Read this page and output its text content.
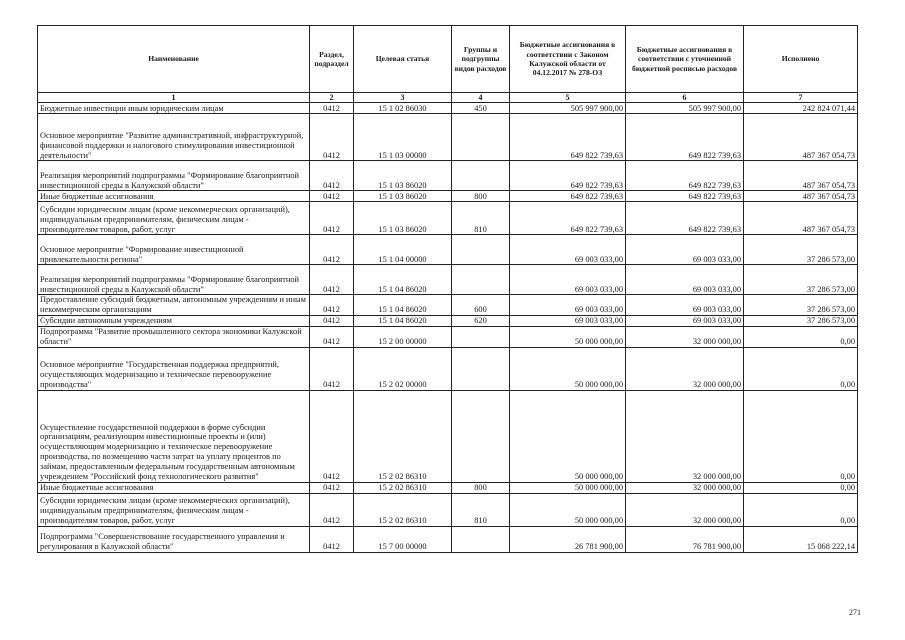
Наименование	Раздел, подраздел	Целевая статья	Группы и подгруппы видов расходов	Бюджетные ассигнования в соответствии с Законом Калужской области от 04.12.2017 № 278-ОЗ	Бюджетные ассигнования в соответствии с уточненной бюджетной росписью расходов	Исполнено
1	2	3	4	5	6	7
Бюджетные инвестиции иным юридическим лицам	0412	15 1 02 86030	450	505 997 900,00	505 997 900,00	242 824 071,44
Основное мероприятие "Развитие административной, инфраструктурной, финансовой поддержки и налогового стимулирования инвестиционной деятельности"	0412	15 1 03 00000		649 822 739,63	649 822 739,63	487 367 054,73
Реализация мероприятий подпрограммы "Формирование благоприятной инвестиционной среды в Калужской области"	0412	15 1 03 86020		649 822 739,63	649 822 739,63	487 367 054,73
Иные бюджетные ассигнования	0412	15 1 03 86020	800	649 822 739,63	649 822 739,63	487 367 054,73
Субсидии юридическим лицам (кроме некоммерческих организаций), индивидуальным предпринимателям, физическим лицам - производителям товаров, работ, услуг	0412	15 1 03 86020	810	649 822 739,63	649 822 739,63	487 367 054,73
Основное мероприятие "Формирование инвестиционной привлекательности региона"	0412	15 1 04 00000		69 003 033,00	69 003 033,00	37 286 573,00
Реализация мероприятий подпрограммы "Формирование благоприятной инвестиционной среды в Калужской области"	0412	15 1 04 86020		69 003 033,00	69 003 033,00	37 286 573,00
Предоставление субсидий бюджетным, автономным учреждениям и иным некоммерческим организациям	0412	15 1 04 86020	600	69 003 033,00	69 003 033,00	37 286 573,00
Субсидии автономным учреждениям	0412	15 1 04 86020	620	69 003 033,00	69 003 033,00	37 286 573,00
Подпрограмма "Развитие промышленного сектора экономики Калужской области"	0412	15 2 00 00000		50 000 000,00	32 000 000,00	0,00
Основное мероприятие "Государственная поддержка предприятий, осуществляющих модернизацию и техническое перевооружение производства"	0412	15 2 02 00000		50 000 000,00	32 000 000,00	0,00
Осуществление государственной поддержки в форме субсидии организациям, реализующим инвестиционные проекты и (или) осуществляющим модернизацию и техническое перевооружение производства, по возмещению части затрат на уплату процентов по займам, предоставленным федеральным государственным автономным учреждением "Российский фонд технологического развития"	0412	15 2 02 86310		50 000 000,00	32 000 000,00	0,00
Иные бюджетные ассигнования	0412	15 2 02 86310	800	50 000 000,00	32 000 000,00	0,00
Субсидии юридическим лицам (кроме некоммерческих организаций), индивидуальным предпринимателям, физическим лицам - производителям товаров, работ, услуг	0412	15 2 02 86310	810	50 000 000,00	32 000 000,00	0,00
Подпрограмма "Совершенствование государственного управления и регулирования в Калужской области"	0412	15 7 00 00000		26 781 900,00	76 781 900,00	15 068 222,14
271
